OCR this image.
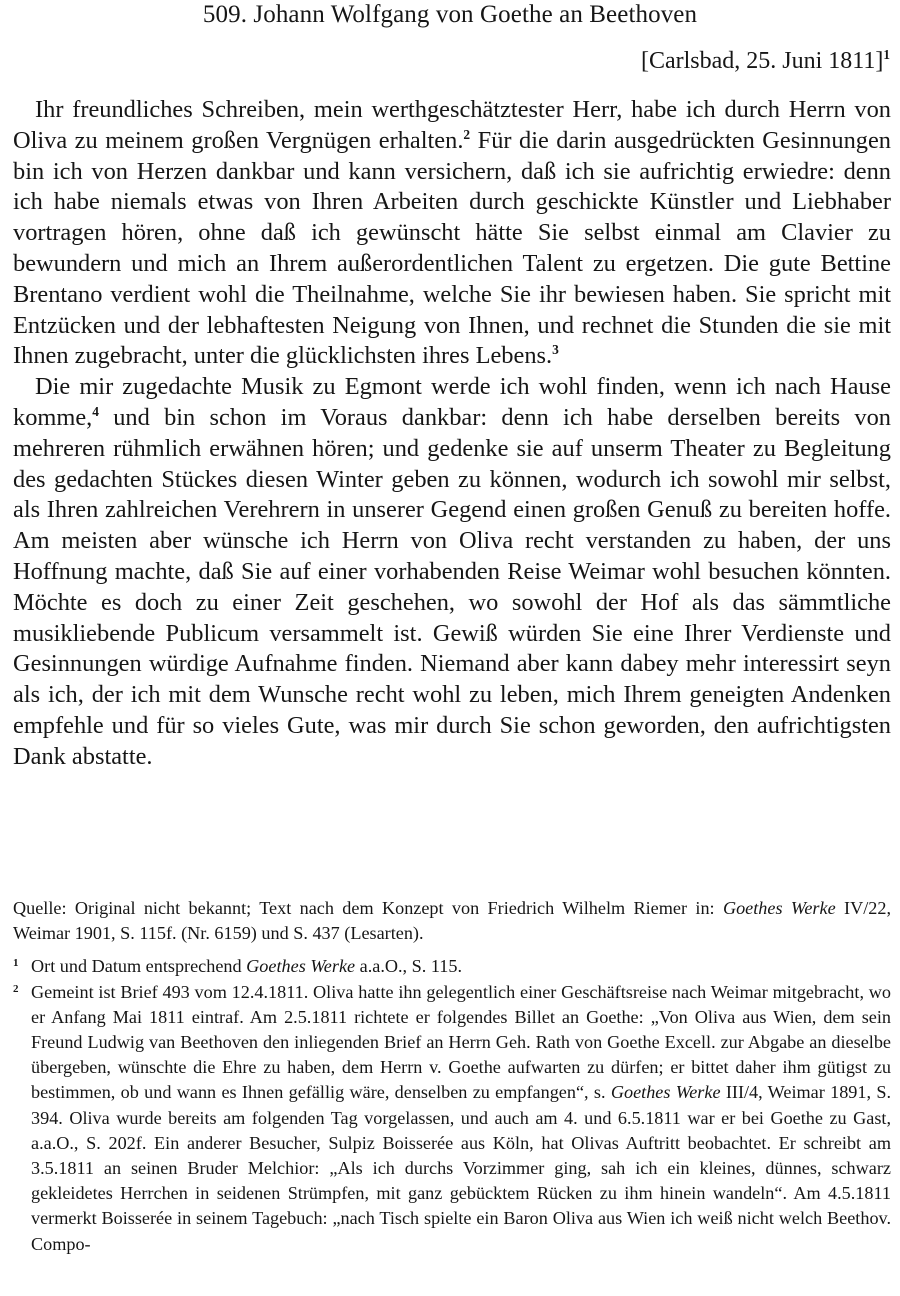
509. Johann Wolfgang von Goethe an Beethoven
[Carlsbad, 25. Juni 1811]$^1$

Ihr freundliches Schreiben, mein werthgeschätztester Herr, habe ich durch Herrn von Oliva zu meinem großen Vergnügen erhalten.$^2$ Für die darin ausgedrückten Gesinnungen bin ich von Herzen dankbar und kann versichern, daß ich sie aufrichtig erwiedre: denn ich habe niemals etwas von Ihren Arbeiten durch geschickte Künstler und Liebhaber vortragen hören, ohne daß ich gewünscht hätte Sie selbst einmal am Clavier zu bewundern und mich an Ihrem außerordentlichen Talent zu ergetzen. Die gute Bettine Brentano verdient wohl die Theilnahme, welche Sie ihr bewiesen haben. Sie spricht mit Entzücken und der lebhaftesten Neigung von Ihnen, und rechnet die Stunden die sie mit Ihnen zugebracht, unter die glücklichsten ihres Lebens.$^3$

Die mir zugedachte Musik zu Egmont werde ich wohl finden, wenn ich nach Hause komme,$^4$ und bin schon im Voraus dankbar: denn ich habe derselben bereits von mehreren rühmlich erwähnen hören; und gedenke sie auf unserm Theater zu Begleitung des gedachten Stückes diesen Winter geben zu können, wodurch ich sowohl mir selbst, als Ihren zahlreichen Verehrern in unserer Gegend einen großen Genuß zu bereiten hoffe. Am meisten aber wünsche ich Herrn von Oliva recht verstanden zu haben, der uns Hoffnung machte, daß Sie auf einer vorhabenden Reise Weimar wohl besuchen könnten. Möchte es doch zu einer Zeit geschehen, wo sowohl der Hof als das sämmtliche musikliebende Publicum versammelt ist. Gewiß würden Sie eine Ihrer Verdienste und Gesinnungen würdige Aufnahme finden. Niemand aber kann dabey mehr interessirt seyn als ich, der ich mit dem Wunsche recht wohl zu leben, mich Ihrem geneigten Andenken empfehle und für so vieles Gute, was mir durch Sie schon geworden, den aufrichtigsten Dank abstatte.

Quelle: Original nicht bekannt; Text nach dem Konzept von Friedrich Wilhelm Riemer in: Goethes Werke IV/22, Weimar 1901, S. 115f. (Nr. 6159) und S. 437 (Lesarten).

1 Ort und Datum entsprechend Goethes Werke a.a.O., S. 115.

2 Gemeint ist Brief 493 vom 12.4.1811. Oliva hatte ihn gelegentlich einer Geschäftsreise nach Weimar mitgebracht, wo er Anfang Mai 1811 eintraf. Am 2.5.1811 richtete er folgendes Billet an Goethe: „Von Oliva aus Wien, dem sein Freund Ludwig van Beethoven den inliegenden Brief an Herrn Geh. Rath von Goethe Excell. zur Abgabe an dieselbe übergeben, wünschte die Ehre zu haben, dem Herrn v. Goethe aufwarten zu dürfen; er bittet daher ihm gütigst zu bestimmen, ob und wann es Ihnen gefällig wäre, denselben zu empfangen“, s. Goethes Werke III/4, Weimar 1891, S. 394. Oliva wurde bereits am folgenden Tag vorgelassen, und auch am 4. und 6.5.1811 war er bei Goethe zu Gast, a.a.O., S. 202f. Ein anderer Besucher, Sulpiz Boisserée aus Köln, hat Olivas Auftritt beobachtet. Er schreibt am 3.5.1811 an seinen Bruder Melchior: „Als ich durchs Vorzimmer ging, sah ich ein kleines, dünnes, schwarz gekleidetes Herrchen in seidenen Strümpfen, mit ganz gebücktem Rücken zu ihm hinein wandeln“. Am 4.5.1811 vermerkt Boisserée in seinem Tagebuch: „nach Tisch spielte ein Baron Oliva aus Wien ich weiß nicht welch Beethov. Compo-
